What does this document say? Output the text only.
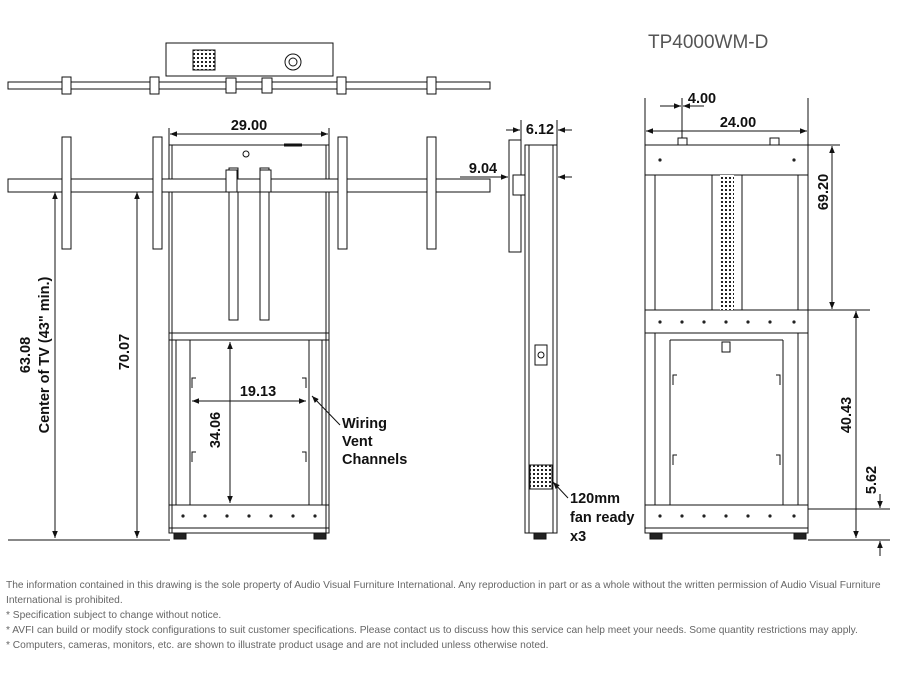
TP4000WM-D
29.00
70.07
63.08 Center of TV (43" min.)	19.13
34.06	Wiring
Vent
Channels
6.12
9.04
120mm
fan ready
x3
4.00
24.00
69.20
40.43
5.62

The information contained in this drawing is the sole property of Audio Visual Furniture International. Any reproduction in part or as a whole without the written permission of Audio Visual Furniture International is prohibited.

* Specification subject to change without notice.

* AVFI can build or modify stock configurations to suit customer specifications. Please contact us to discuss how this service can help meet your needs. Some quantity restrictions may apply.

* Computers, cameras, monitors, etc. are shown to illustrate product usage and are not included unless otherwise noted.
